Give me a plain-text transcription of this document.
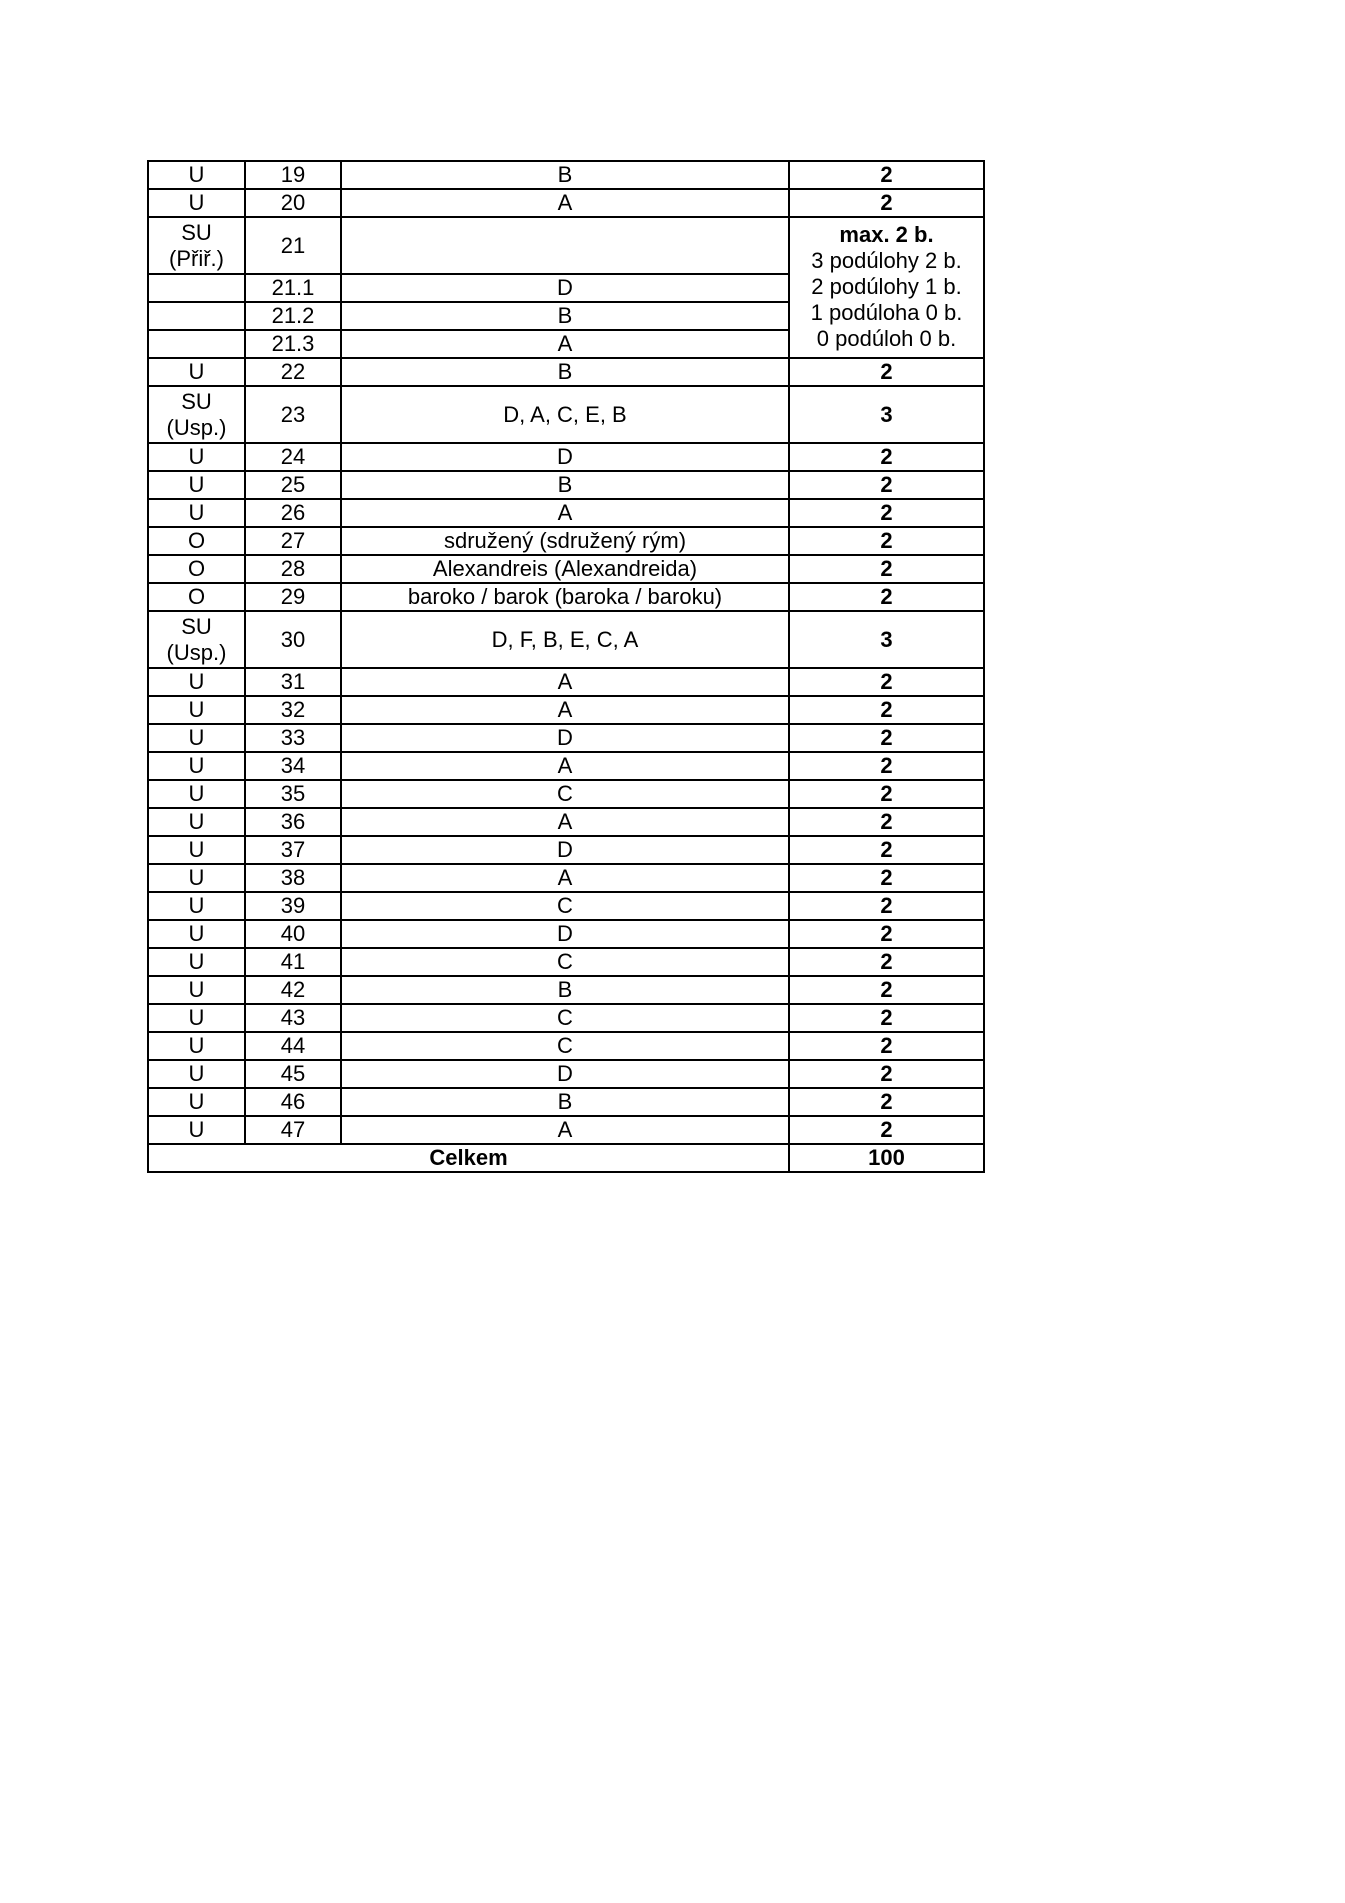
U	19	B	2
U	20	A	2
SU
(Přiř.)	21		max. 2 b.
3 podúlohy 2 b.
2 podúlohy 1 b.
1 podúloha 0 b.
0 podúloh 0 b.

	21.1	D	
	21.2	B	
	21.3	A	
U	22	B	2
SU
(Usp.)	23	D, A, C, E, B	3
U	24	D	2
U	25	B	2
U	26	A	2
O	27	sdružený (sdružený rým)	2
O	28	Alexandreis (Alexandreida)	2
O	29	baroko / barok (baroka / baroku)	2
SU
(Usp.)	30	D, F, B, E, C, A	3
U	31	A	2
U	32	A	2
U	33	D	2
U	34	A	2
U	35	C	2
U	36	A	2
U	37	D	2
U	38	A	2
U	39	C	2
U	40	D	2
U	41	C	2
U	42	B	2
U	43	C	2
U	44	C	2
U	45	D	2
U	46	B	2
U	47	A	2
Celkem			100
